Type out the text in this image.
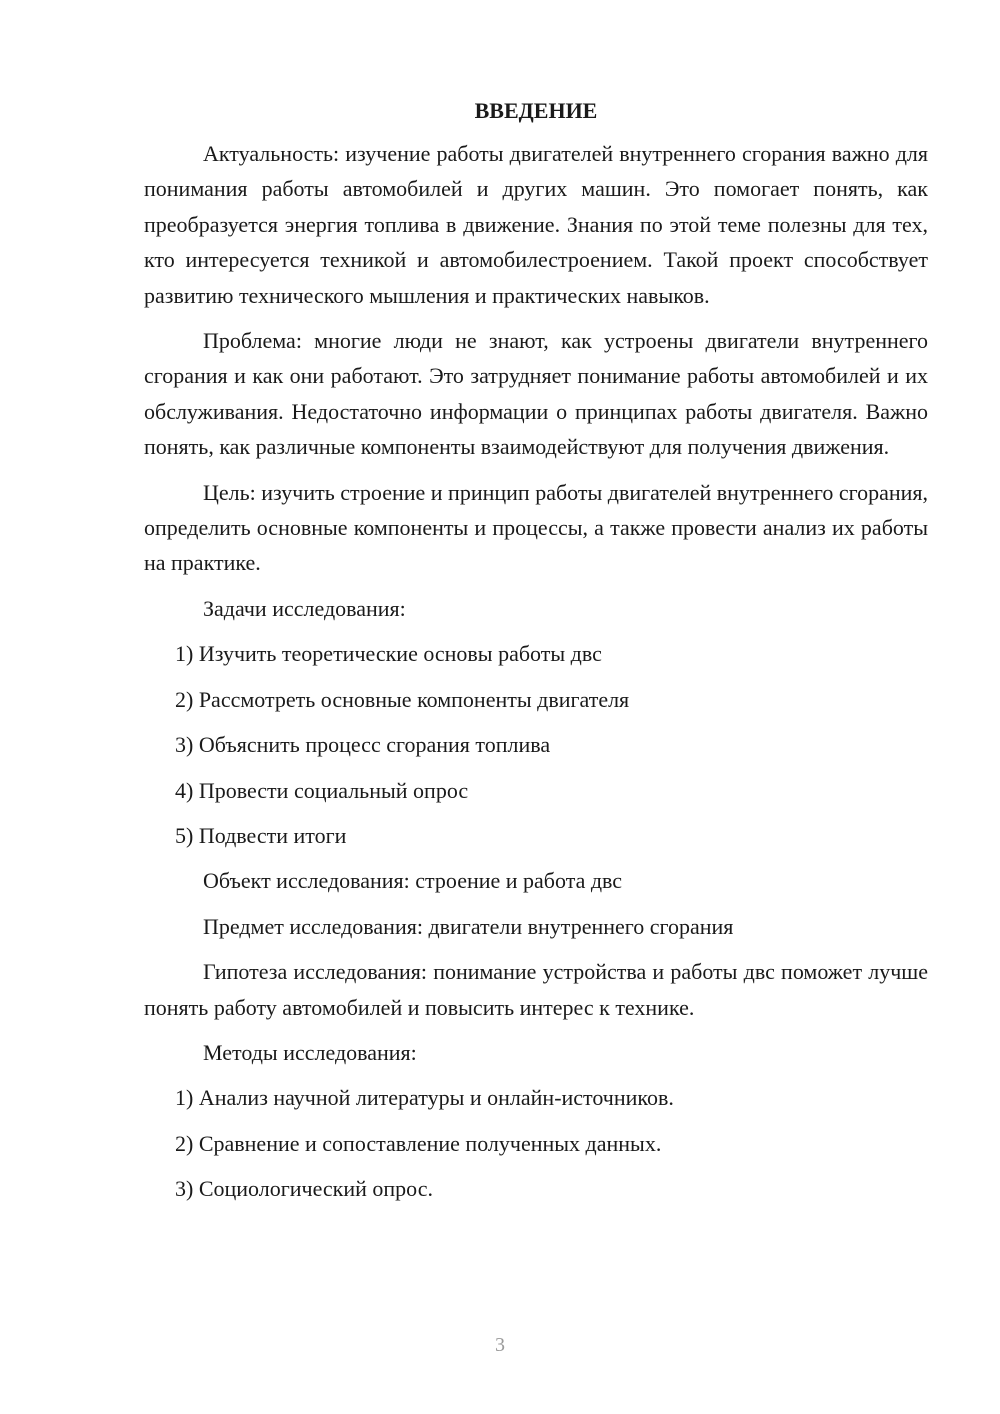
ВВЕДЕНИЕ

Актуальность: изучение работы двигателей внутреннего сгорания важно для понимания работы автомобилей и других машин. Это помогает понять, как преобразуется энергия топлива в движение. Знания по этой теме полезны для тех, кто интересуется техникой и автомобилестроением. Такой проект способствует развитию технического мышления и практических навыков.

Проблема: многие люди не знают, как устроены двигатели внутреннего сгорания и как они работают. Это затрудняет понимание работы автомобилей и их обслуживания. Недостаточно информации о принципах работы двигателя. Важно понять, как различные компоненты взаимодействуют для получения движения.

Цель: изучить строение и принцип работы двигателей внутреннего сгорания, определить основные компоненты и процессы, а также провести анализ их работы на практике.

Задачи исследования:

1) Изучить теоретические основы работы двс
2) Рассмотреть основные компоненты двигателя
3) Объяснить процесс сгорания топлива
4) Провести социальный опрос
5) Подвести итоги

Объект исследования: строение и работа двс

Предмет исследования: двигатели внутреннего сгорания

Гипотеза исследования: понимание устройства и работы двс поможет лучше понять работу автомобилей и повысить интерес к технике.

Методы исследования:

1) Анализ научной литературы и онлайн-источников.
2) Сравнение и сопоставление полученных данных.
3) Социологический опрос.
3
